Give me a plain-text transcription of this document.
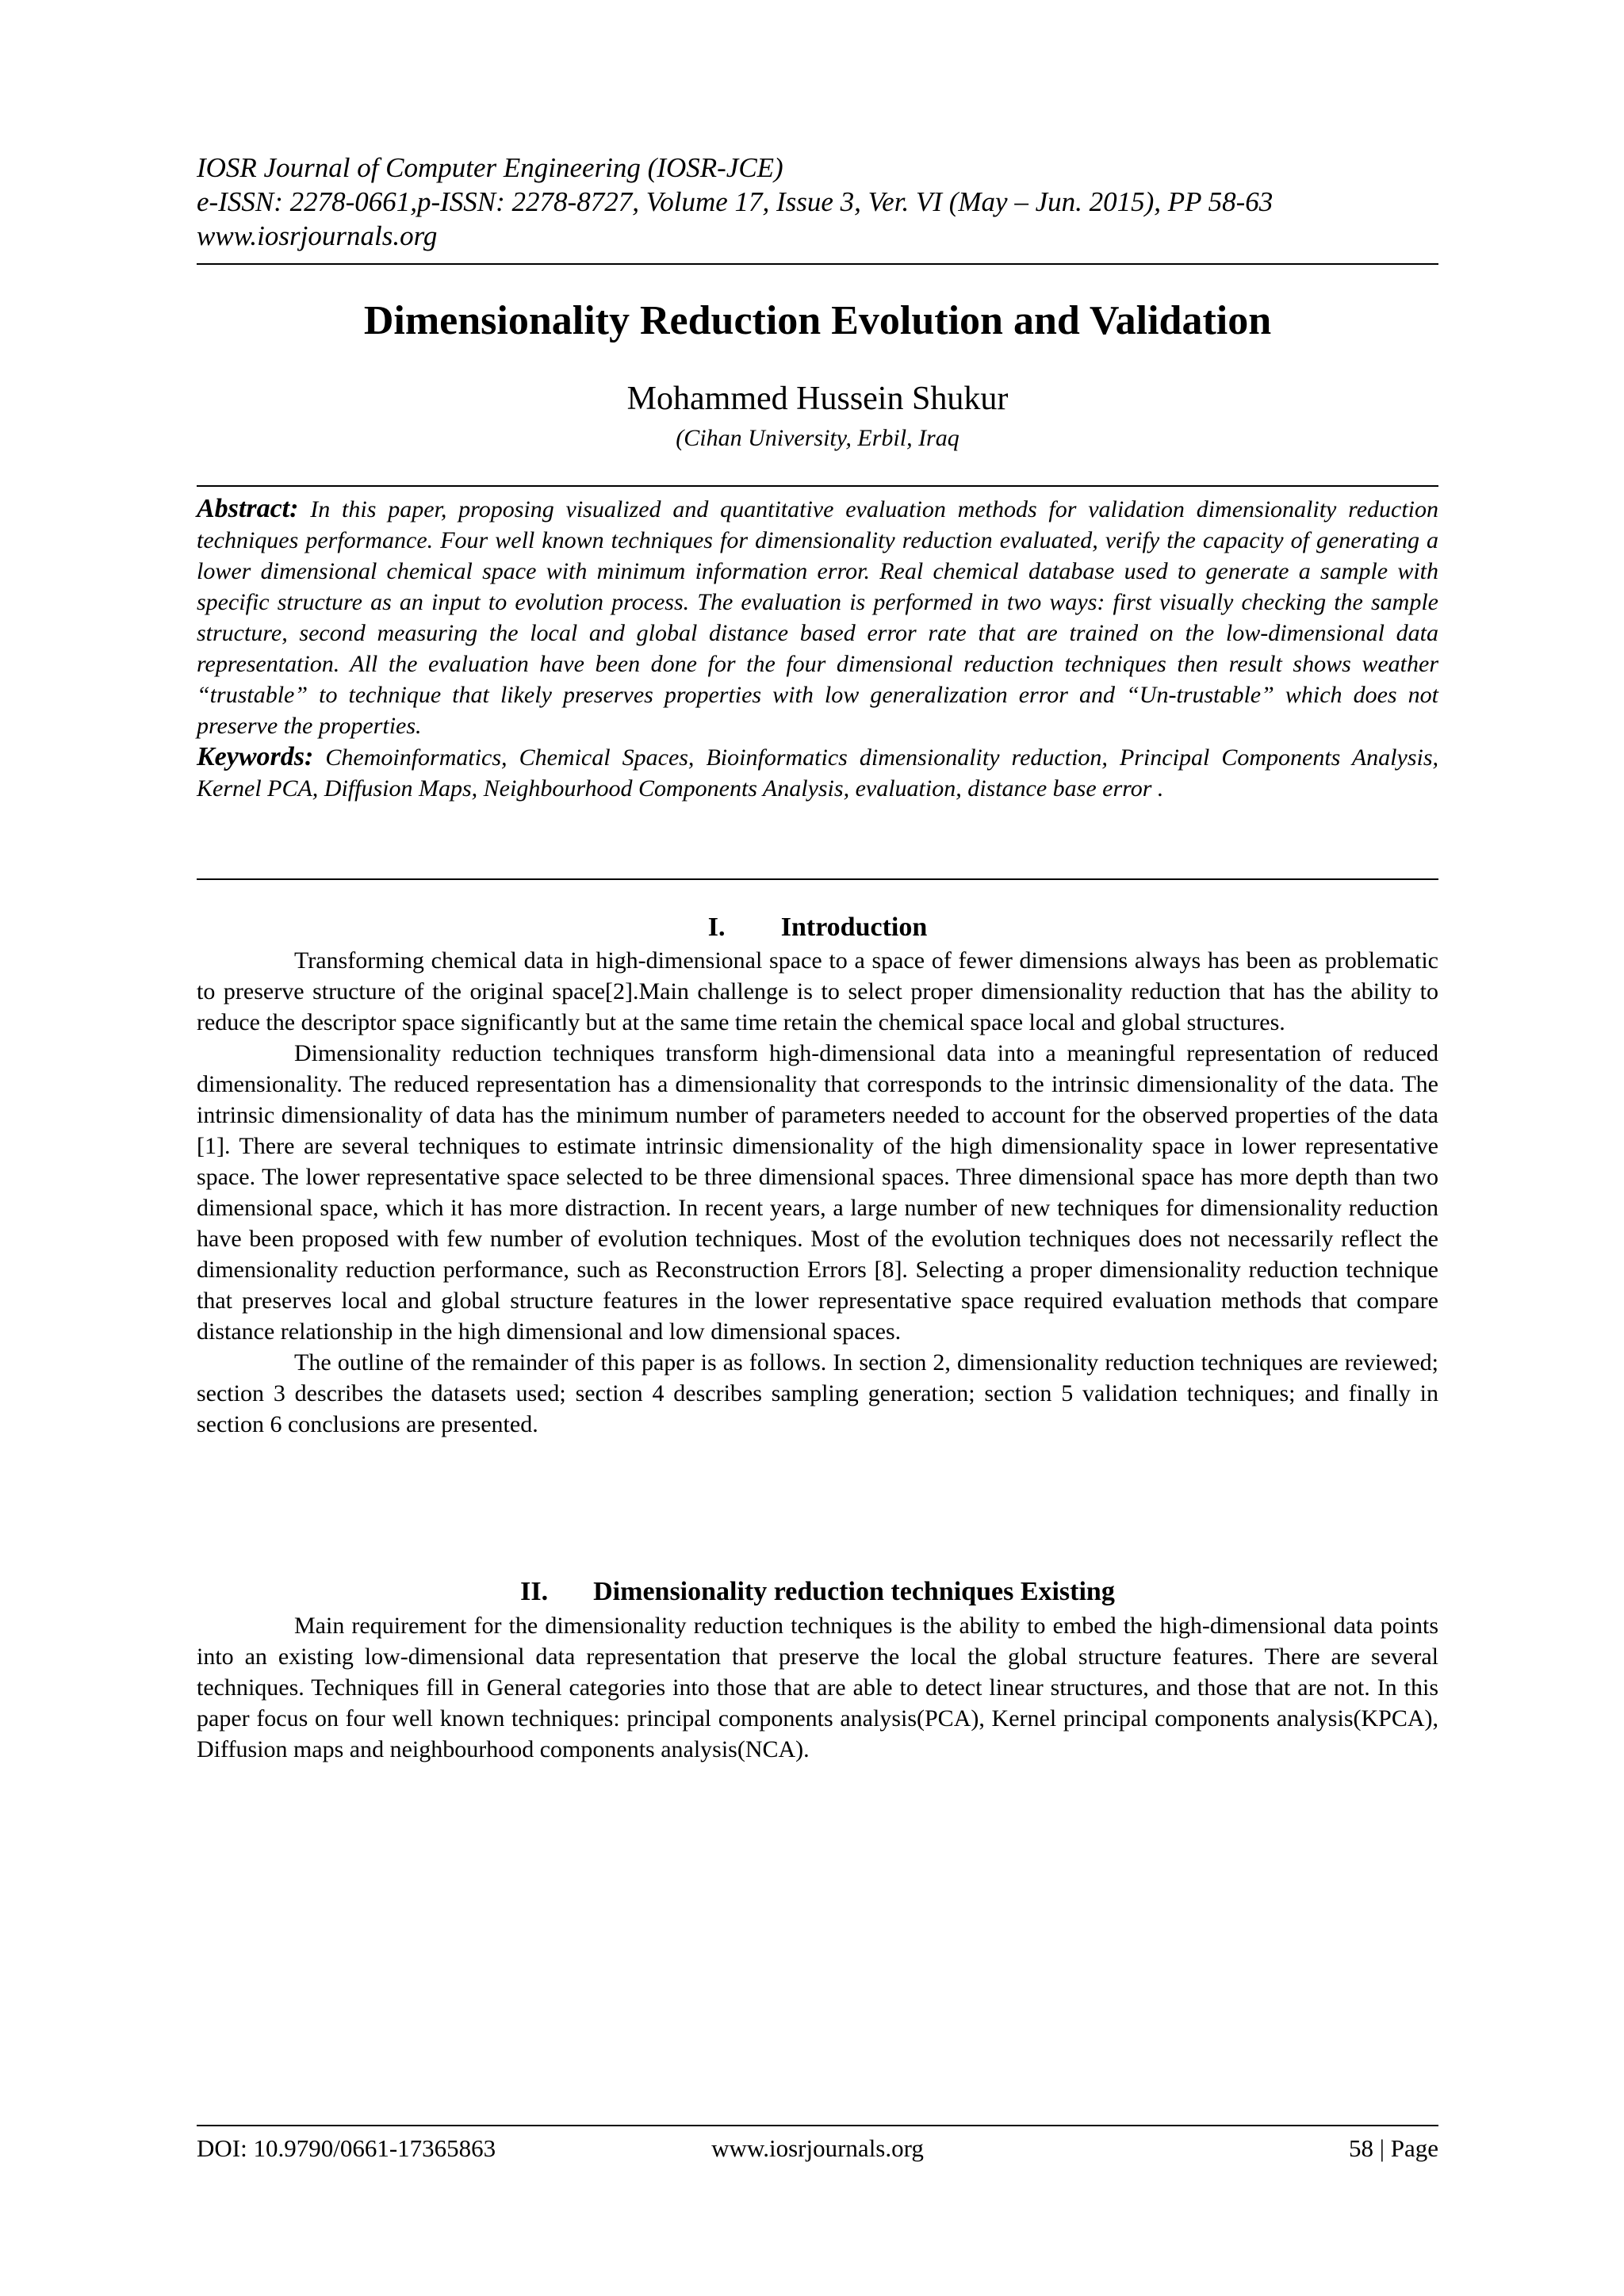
IOSR Journal of Computer Engineering (IOSR-JCE)
e-ISSN: 2278-0661,p-ISSN: 2278-8727, Volume 17, Issue 3, Ver. VI (May – Jun. 2015), PP 58-63
www.iosrjournals.org
Dimensionality Reduction Evolution and Validation
Mohammed Hussein Shukur
(Cihan University, Erbil, Iraq

Abstract: In this paper, proposing visualized and quantitative evaluation methods for validation dimensionality reduction techniques performance. Four well known techniques for dimensionality reduction evaluated, verify the capacity of generating a lower dimensional chemical space with minimum information error. Real chemical database used to generate a sample with specific structure as an input to evolution process. The evaluation is performed in two ways: first visually checking the sample structure, second measuring the local and global distance based error rate that are trained on the low-dimensional data representation. All the evaluation have been done for the four dimensional reduction techniques then result shows weather “trustable” to technique that likely preserves properties with low generalization error and “Un-trustable” which does not preserve the properties.

Keywords: Chemoinformatics, Chemical Spaces, Bioinformatics dimensionality reduction, Principal Components Analysis, Kernel PCA, Diffusion Maps, Neighbourhood Components Analysis, evaluation, distance base error .

I. Introduction

Transforming chemical data in high-dimensional space to a space of fewer dimensions always has been as problematic to preserve structure of the original space[2].Main challenge is to select proper dimensionality reduction that has the ability to reduce the descriptor space significantly but at the same time retain the chemical space local and global structures.

Dimensionality reduction techniques transform high-dimensional data into a meaningful representation of reduced dimensionality. The reduced representation has a dimensionality that corresponds to the intrinsic dimensionality of the data. The intrinsic dimensionality of data has the minimum number of parameters needed to account for the observed properties of the data [1]. There are several techniques to estimate intrinsic dimensionality of the high dimensionality space in lower representative space. The lower representative space selected to be three dimensional spaces. Three dimensional space has more depth than two dimensional space, which it has more distraction. In recent years, a large number of new techniques for dimensionality reduction have been proposed with few number of evolution techniques. Most of the evolution techniques does not necessarily reflect the dimensionality reduction performance, such as Reconstruction Errors [8]. Selecting a proper dimensionality reduction technique that preserves local and global structure features in the lower representative space required evaluation methods that compare distance relationship in the high dimensional and low dimensional spaces.

The outline of the remainder of this paper is as follows. In section 2, dimensionality reduction techniques are reviewed; section 3 describes the datasets used; section 4 describes sampling generation; section 5 validation techniques; and finally in section 6 conclusions are presented.

II. Dimensionality reduction techniques Existing

Main requirement for the dimensionality reduction techniques is the ability to embed the high-dimensional data points into an existing low-dimensional data representation that preserve the local the global structure features. There are several techniques. Techniques fill in General categories into those that are able to detect linear structures, and those that are not. In this paper focus on four well known techniques: principal components analysis(PCA), Kernel principal components analysis(KPCA), Diffusion maps and neighbourhood components analysis(NCA).

DOI: 10.9790/0661-17365863	www.iosrjournals.org	58 | Page
